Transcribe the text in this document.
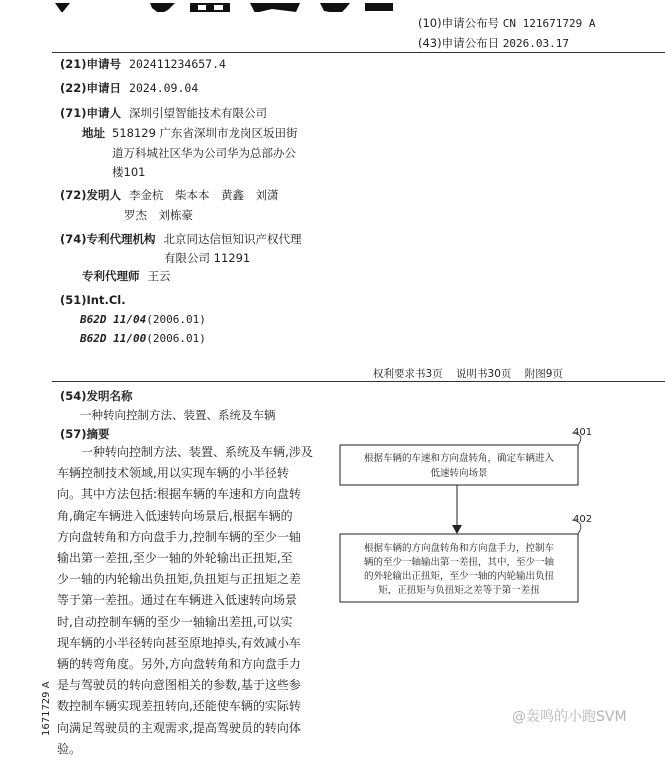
(10)申请公布号 CN 121671729 A
(43)申请公布日 2026.03.17
(21)申请号 202411234657.4
(22)申请日 2024.09.04
(71)申请人 深圳引望智能技术有限公司
地址 518129 广东省深圳市龙岗区坂田街
道万科城社区华为公司华为总部办公
楼101
(72)发明人 李金杭　柴本本　黄鑫　刘潇
罗杰　刘栋豪
(74)专利代理机构 北京同达信恒知识产权代理
有限公司 11291
专利代理师 王云
(51)Int.Cl.
B62D 11/04(2006.01)
B62D 11/00(2006.01)
权利要求书3页 说明书30页 附图9页
(54)发明名称
一种转向控制方法、装置、系统及车辆
(57)摘要
　　一种转向控制方法、装置、系统及车辆,涉及
车辆控制技术领域,用以实现车辆的小半径转
向。其中方法包括:根据车辆的车速和方向盘转
角,确定车辆进入低速转向场景后,根据车辆的
方向盘转角和方向盘手力,控制车辆的至少一轴
输出第一差扭,至少一轴的外轮输出正扭矩,至
少一轴的内轮输出负扭矩,负扭矩与正扭矩之差
等于第一差扭。通过在车辆进入低速转向场景
时,自动控制车辆的至少一轴输出差扭,可以实
现车辆的小半径转向甚至原地掉头,有效减小车
辆的转弯角度。另外,方向盘转角和方向盘手力
是与驾驶员的转向意图相关的参数,基于这些参
数控制车辆实现差扭转向,还能使车辆的实际转
向满足驾驶员的主观需求,提高驾驶员的转向体
验。
根据车辆的车速和方向盘转角，确定车辆进入
低速转向场景
401
根据车辆的方向盘转角和方向盘手力，控制车
辆的至少一轴输出第一差扭，其中，至少一轴
的外轮输出正扭矩，至少一轴的内轮输出负扭
矩，正扭矩与负扭矩之差等于第一差扭
402
1671729 A	@轰鸣的小跑SVM
